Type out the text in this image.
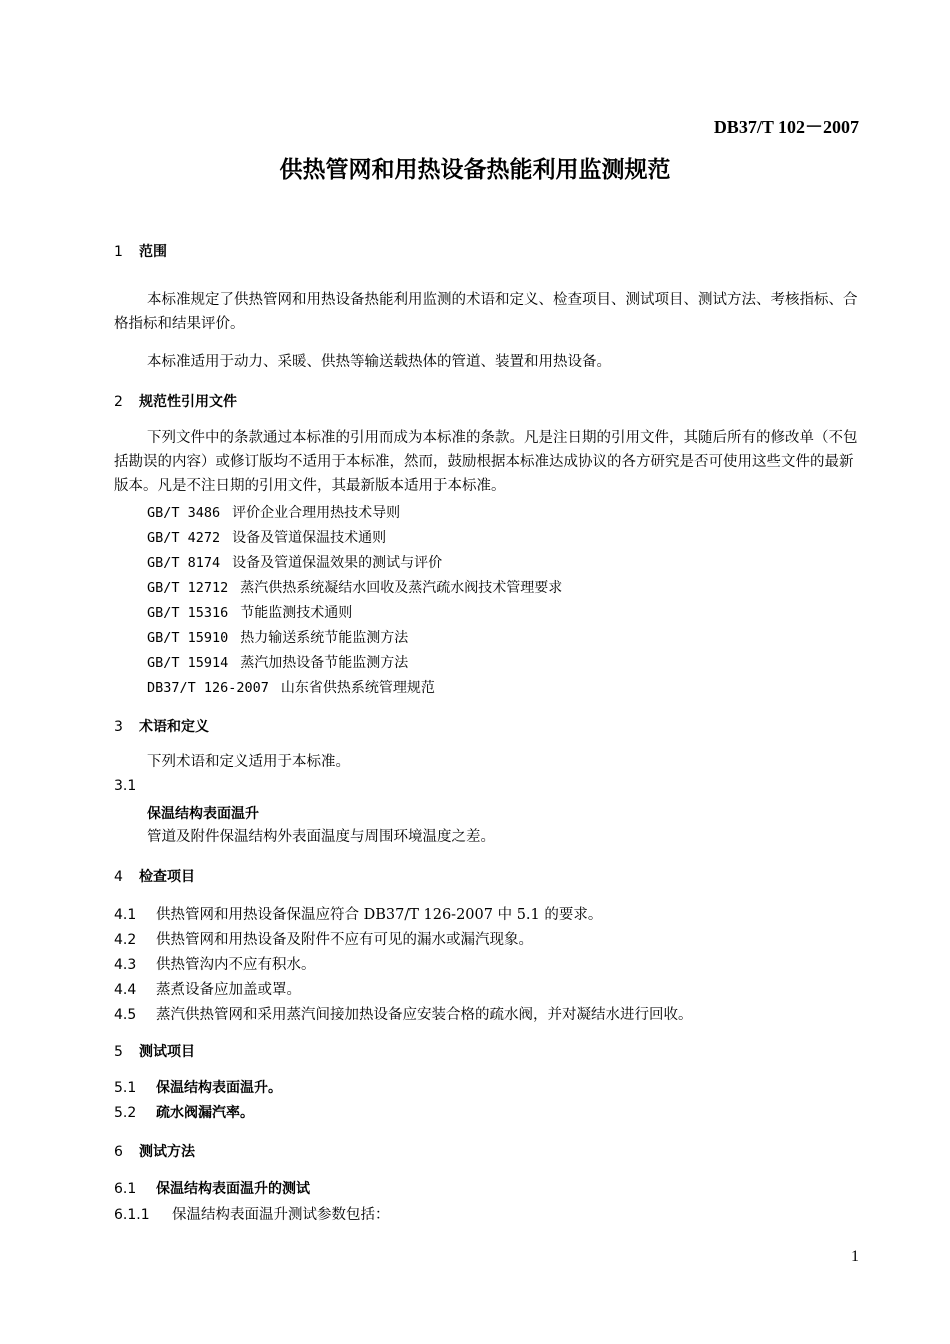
DB37/T 102－2007
供热管网和用热设备热能利用监测规范
1 范围
本标准规定了供热管网和用热设备热能利用监测的术语和定义、检查项目、测试项目、测试方法、考核指标、合格指标和结果评价。
本标准适用于动力、采暖、供热等输送载热体的管道、装置和用热设备。
2 规范性引用文件
下列文件中的条款通过本标准的引用而成为本标准的条款。凡是注日期的引用文件，其随后所有的修改单（不包括勘误的内容）或修订版均不适用于本标准，然而，鼓励根据本标准达成协议的各方研究是否可使用这些文件的最新版本。凡是不注日期的引用文件，其最新版本适用于本标准。
GB/T 3486 评价企业合理用热技术导则
GB/T 4272 设备及管道保温技术通则
GB/T 8174 设备及管道保温效果的测试与评价
GB/T 12712 蒸汽供热系统凝结水回收及蒸汽疏水阀技术管理要求
GB/T 15316 节能监测技术通则
GB/T 15910 热力输送系统节能监测方法
GB/T 15914 蒸汽加热设备节能监测方法
DB37/T 126-2007 山东省供热系统管理规范
3 术语和定义
下列术语和定义适用于本标准。
3.1
保温结构表面温升
管道及附件保温结构外表面温度与周围环境温度之差。
4 检查项目
4.1 供热管网和用热设备保温应符合 DB37/T 126-2007 中 5.1 的要求。
4.2 供热管网和用热设备及附件不应有可见的漏水或漏汽现象。
4.3 供热管沟内不应有积水。
4.4 蒸煮设备应加盖或罩。
4.5 蒸汽供热管网和采用蒸汽间接加热设备应安装合格的疏水阀，并对凝结水进行回收。
5 测试项目
5.1 保温结构表面温升。
5.2 疏水阀漏汽率。
6 测试方法
6.1 保温结构表面温升的测试
6.1.1 保温结构表面温升测试参数包括：
1
